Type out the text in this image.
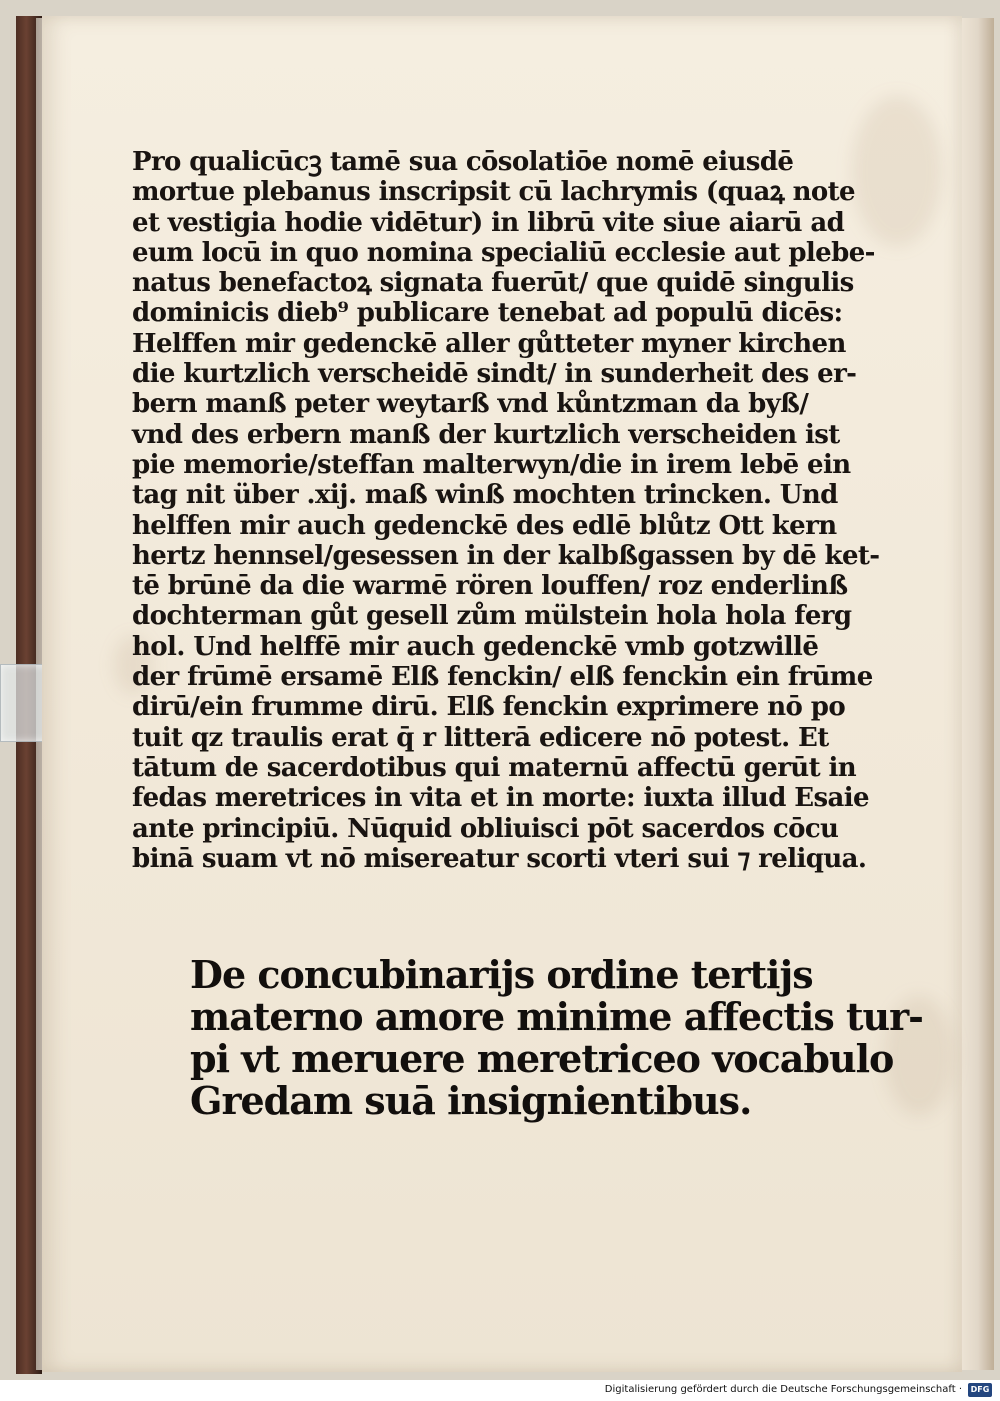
Pro qualicūcꝫ tamē sua cōsolatiōe nomē eiusdē
mortue plebanus inscripsit cū lachrymis (quaꝝ note
et vestigia hodie vidētur) in librū vite siue aiarū ad
eum locū in quo nomina specialiū ecclesie aut plebe-
natus benefactoꝝ signata fuerūt/ que quidē singulis
dominicis dieb⁹ publicare tenebat ad populū dicēs:
Helffen mir gedenckē aller gůtteter myner kirchen
die kurtzlich verscheidē sindt/ in sunderheit des er-
bern manß peter weytarß vnd kůntzman da byß/
vnd des erbern manß der kurtzlich verscheiden ist
pie memorie/steffan malterwyn/die in irem lebē ein
tag nit über .xij. maß winß mochten trincken. Und
helffen mir auch gedenckē des edlē blůtz Ott kern
hertz hennsel/gesessen in der kalbßgassen by dē ket-
tē brūnē da die warmē rören louffen/ roz enderlinß
dochterman gůt gesell zům mülstein hola hola ferg
hol. Und helffē mir auch gedenckē vmb gotzwillē
der frūmē ersamē Elß fenckin/ elß fenckin ein frūme
dirū/ein frumme dirū. Elß fenckin exprimere nō po
tuit qz traulis erat q̄ r litterā edicere nō potest. Et
tātum de sacerdotibus qui maternū affectū gerūt in
fedas meretrices in vita et in morte: iuxta illud Esaie
ante principiū. Nūquid obliuisci pōt sacerdos cōcu
binā suam vt nō misereatur scorti vteri sui ⁊ reliqua.
De concubinarijs ordine tertijs
materno amore minime affectis tur-
pi vt meruere meretriceo vocabulo
Gredam suā insignientibus.
Digitalisierung gefördert durch die Deutsche Forschungsgemeinschaft ·	DFG
